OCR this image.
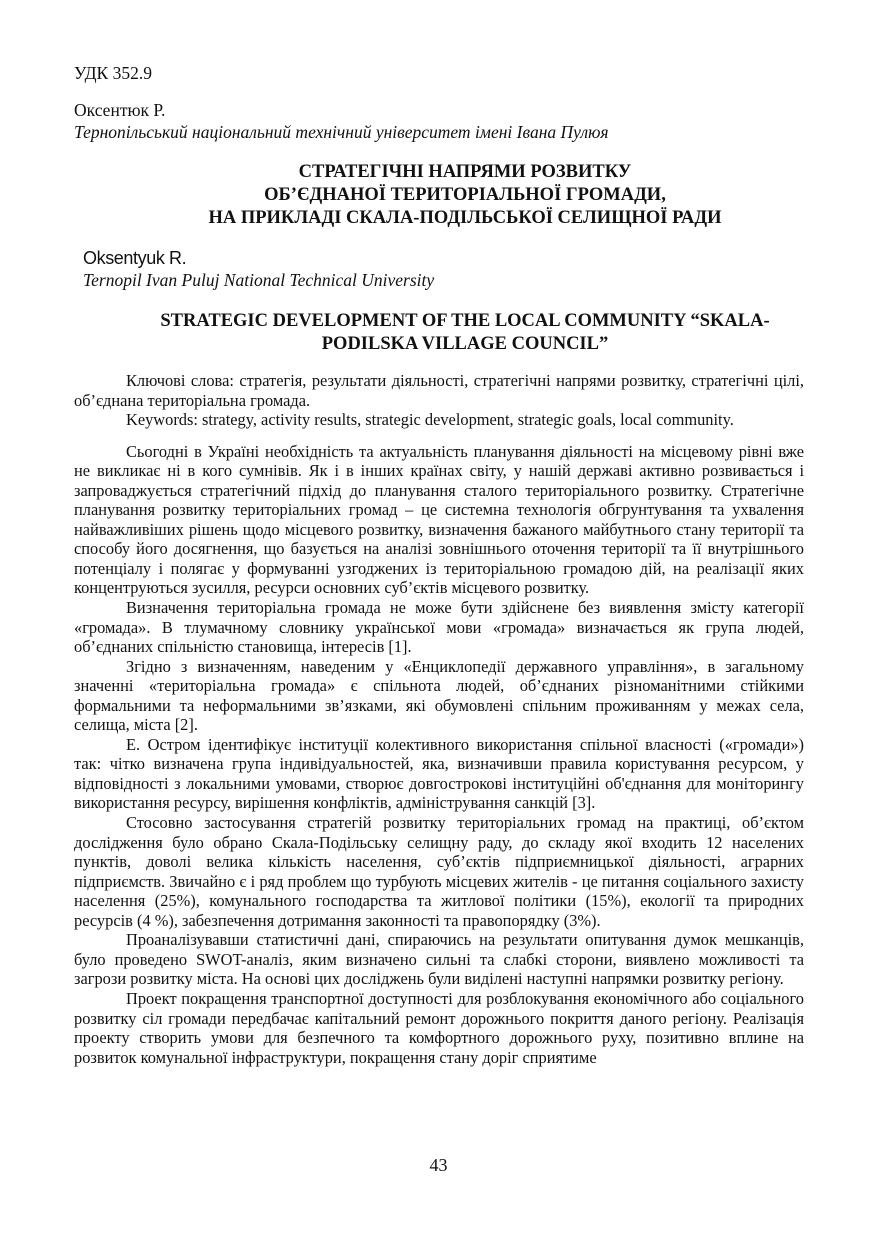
УДК 352.9

Оксентюк Р.

Тернопільський національний технічний університет імені Івана Пулюя

СТРАТЕГІЧНІ НАПРЯМИ РОЗВИТКУ
ОБ’ЄДНАНОЇ ТЕРИТОРІАЛЬНОЇ ГРОМАДИ,
НА ПРИКЛАДІ СКАЛА-ПОДІЛЬСЬКОЇ СЕЛИЩНОЇ РАДИ

Oksentyuk R.

Ternopil Ivan Puluj National Technical University

STRATEGIC DEVELOPMENT OF THE LOCAL COMMUNITY “SKALA-
PODILSKA VILLAGE COUNCIL”

Ключові слова: стратегія, результати діяльності, стратегічні напрями розвитку, стратегічні цілі, об’єднана територіальна громада.

Keywords: strategy, activity results, strategic development, strategic goals, local community.

Сьогодні в Україні необхідність та актуальність планування діяльності на місцевому рівні вже не викликає ні в кого сумнівів. Як і в інших країнах світу, у нашій державі активно розвивається і запроваджується стратегічний підхід до планування сталого територіального розвитку. Стратегічне планування розвитку територіальних громад – це системна технологія обгрунтування та ухвалення найважливіших рішень щодо місцевого розвитку, визначення бажаного майбутнього стану території та способу його досягнення, що базується на аналізі зовнішнього оточення території та її внутрішнього потенціалу і полягає у формуванні узгоджених із територіальною громадою дій, на реалізації яких концентруються зусилля, ресурси основних суб’єктів місцевого розвитку.

Визначення територіальна громада не може бути здійснене без виявлення змісту категорії «громада». В тлумачному словнику української мови «громада» визначається як група людей, об’єднаних спільністю становища, інтересів [1].

Згідно з визначенням, наведеним у «Енциклопедії державного управління», в загальному значенні «територіальна громада» є спільнота людей, об’єднаних різноманітними стійкими формальними та неформальними зв’язками, які обумовлені спільним проживанням у межах села, селища, міста [2].

Е. Остром ідентифікує інституції колективного використання спільної власності («громади») так: чітко визначена група індивідуальностей, яка, визначивши правила користування ресурсом, у відповідності з локальними умовами, створює довгострокові інституційні об'єднання для моніторингу використання ресурсу, вирішення конфліктів, адміністрування санкцій [3].

Стосовно застосування стратегій розвитку територіальних громад на практиці, об’єктом дослідження було обрано Скала-Подільську селищну раду, до складу якої входить 12 населених пунктів, доволі велика кількість населення, суб’єктів підприємницької діяльності, аграрних підприємств. Звичайно є і ряд проблем що турбують місцевих жителів - це питання соціального захисту населення (25%), комунального господарства та житлової політики (15%), екології та природних ресурсів (4 %), забезпечення дотримання законності та правопорядку (3%).

Проаналізувавши статистичні дані, спираючись на результати опитування думок мешканців, було проведено SWOT-аналіз, яким визначено сильні та слабкі сторони, виявлено можливості та загрози розвитку міста. На основі цих досліджень були виділені наступні напрямки розвитку регіону.

Проект покращення транспортної доступності для розблокування економічного або соціального розвитку сіл громади передбачає капітальний ремонт дорожнього покриття даного регіону. Реалізація проекту створить умови для безпечного та комфортного дорожнього руху, позитивно вплине на розвиток комунальної інфраструктури, покращення стану доріг сприятиме

43
